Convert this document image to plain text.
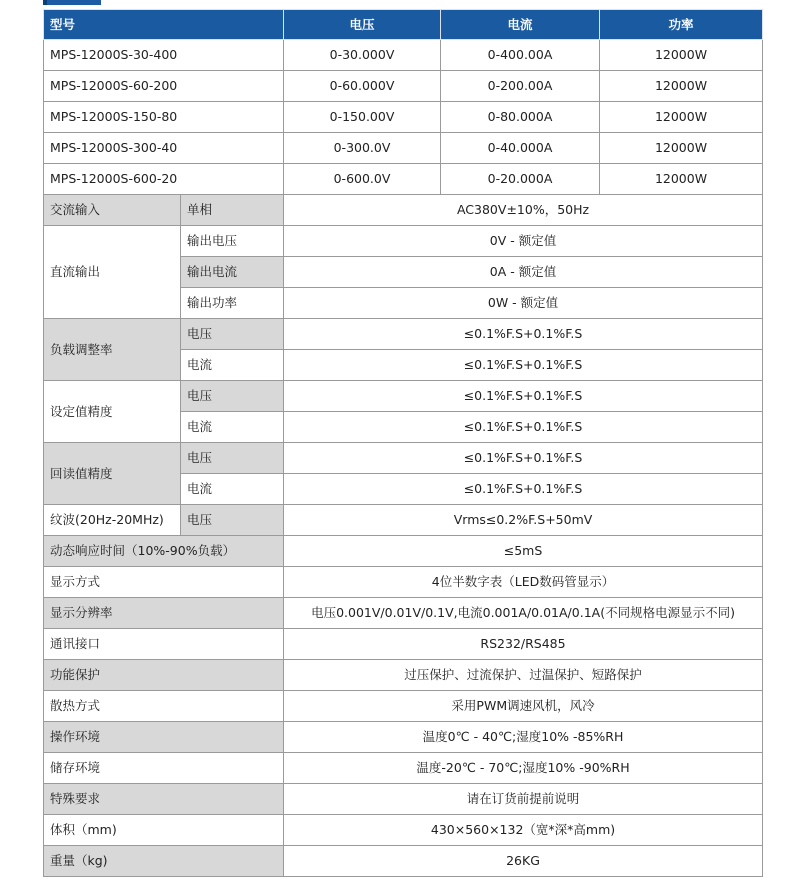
型号		电压	电流	功率
MPS-12000S-30-400		0-30.000V	0-400.00A	12000W
MPS-12000S-60-200		0-60.000V	0-200.00A	12000W
MPS-12000S-150-80		0-150.00V	0-80.000A	12000W
MPS-12000S-300-40		0-300.0V	0-40.000A	12000W
MPS-12000S-600-20		0-600.0V	0-20.000A	12000W
交流输入	单相	AC380V±10%，50Hz		
直流输出	输出电压	0V - 额定值		
	输出电流	0A - 额定值		
	输出功率	0W - 额定值		
负载调整率	电压	≤0.1%F.S+0.1%F.S		
	电流	≤0.1%F.S+0.1%F.S		
设定值精度	电压	≤0.1%F.S+0.1%F.S		
	电流	≤0.1%F.S+0.1%F.S		
回读值精度	电压	≤0.1%F.S+0.1%F.S		
	电流	≤0.1%F.S+0.1%F.S		
纹波(20Hz-20MHz)	电压	Vrms≤0.2%F.S+50mV		
动态响应时间（10%-90%负载）		≤5mS		
显示方式		4位半数字表（LED数码管显示）		
显示分辨率		电压0.001V/0.01V/0.1V,电流0.001A/0.01A/0.1A(不同规格电源显示不同)		
通讯接口		RS232/RS485		
功能保护		过压保护、过流保护、过温保护、短路保护		
散热方式		采用PWM调速风机，风冷		
操作环境		温度0℃ - 40℃;湿度10% -85%RH		
储存环境		温度-20℃ - 70℃;湿度10% -90%RH		
特殊要求		请在订货前提前说明		
体积（mm)		430×560×132（宽*深*高mm)		
重量（kg)		26KG		
